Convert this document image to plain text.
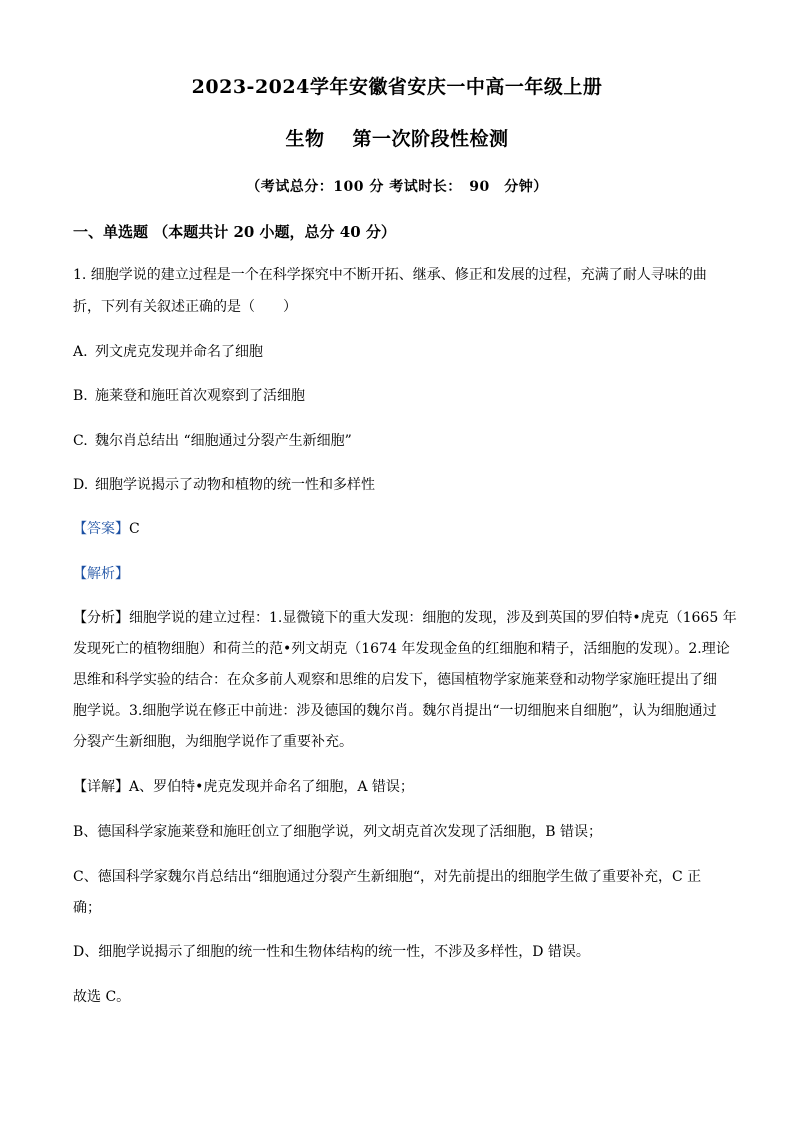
2023-2024学年安徽省安庆一中高一年级上册
生物 第一次阶段性检测
（考试总分：100 分 考试时长：　90　分钟）
一、单选题 （本题共计 20 小题，总分 40 分）
1. 细胞学说的建立过程是一个在科学探究中不断开拓、继承、修正和发展的过程，充满了耐人寻味的曲
折，下列有关叙述正确的是（　　）
A. 列文虎克发现并命名了细胞
B. 施莱登和施旺首次观察到了活细胞
C. 魏尔肖总结出 “细胞通过分裂产生新细胞”
D. 细胞学说揭示了动物和植物的统一性和多样性
【答案】C
【解析】
【分析】细胞学说的建立过程：1.显微镜下的重大发现：细胞的发现，涉及到英国的罗伯特•虎克（1665 年
发现死亡的植物细胞）和荷兰的范•列文胡克（1674 年发现金鱼的红细胞和精子，活细胞的发现）。2.理论
思维和科学实验的结合：在众多前人观察和思维的启发下，德国植物学家施莱登和动物学家施旺提出了细
胞学说。3.细胞学说在修正中前进：涉及德国的魏尔肖。魏尔肖提出“一切细胞来自细胞”，认为细胞通过
分裂产生新细胞，为细胞学说作了重要补充。
【详解】A、罗伯特•虎克发现并命名了细胞，A 错误；
B、德国科学家施莱登和施旺创立了细胞学说，列文胡克首次发现了活细胞，B 错误；
C、德国科学家魏尔肖总结出“细胞通过分裂产生新细胞“，对先前提出的细胞学生做了重要补充，C 正
确；
D、细胞学说揭示了细胞的统一性和生物体结构的统一性，不涉及多样性，D 错误。
故选 C。
